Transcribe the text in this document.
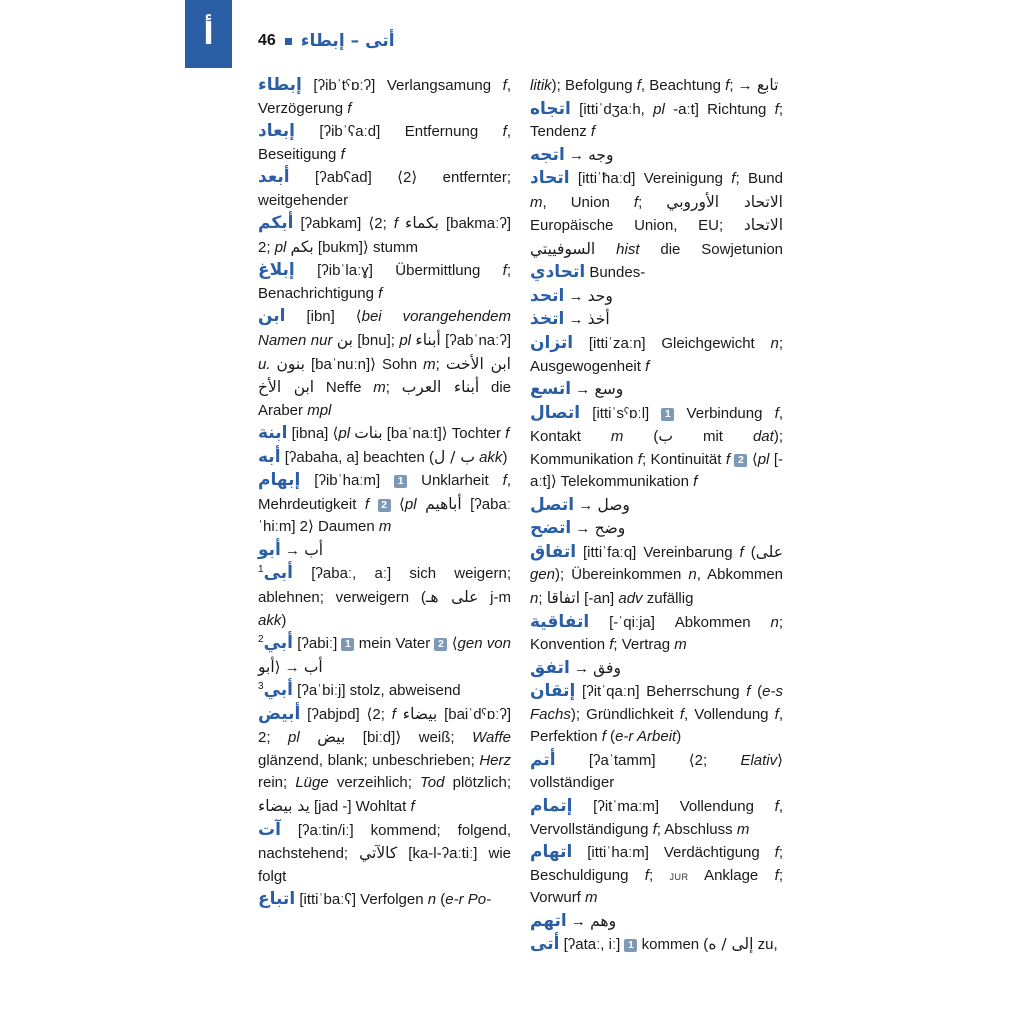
أ	46 إبطاء – أتى

إبطاء [ʔibˈtˤɒːʔ] Verlangsamung f, Verzögerung f

إبعاد [ʔibˈʕaːd] Entfernung f, Beseitigung f

أبعد [ʔabʕad] ⟨2⟩ entfernter; weitgehender

أبكم [ʔabkam] ⟨2; f بكماء [bakmaːʔ] 2; pl بكم [bukm]⟩ stumm

إبلاغ [ʔibˈlaːɣ] Übermittlung f; Benachrichtigung f

ابن [ibn] ⟨bei vorangehendem Namen nur بن [bnu]; pl أبناء [ʔabˈnaːʔ] u. بنون [baˈnuːn]⟩ Sohn m; ابن الأخت ابن الأخ Neffe m; أبناء العرب die Araber mpl

ابنة [ibna] ⟨pl بنات [baˈnaːt]⟩ Tochter f

أبه [ʔabaha, a] beachten (ب / ل akk)

إبهام [ʔibˈhaːm] 1 Unklarheit f, Mehrdeutigkeit f 2 ⟨pl أباهيم [ʔabaːˈhiːm] 2⟩ Daumen m

أبو → أب

$^1$أبى [ʔabaː, aː] sich weigern; ablehnen; verweigern (على هـ j-m akk)

$^2$أبي [ʔabiː] 1 mein Vater 2 ⟨gen von أبو⟩ → أب

$^3$أبي [ʔaˈbiːj] stolz, abweisend

أبيض [ʔabjɒd] ⟨2; f بيضاء [baiˈdˤɒːʔ] 2; pl بيض [biːd]⟩ weiß; Waffe glänzend, blank; unbeschrieben; Herz rein; Lüge verzeihlich; Tod plötzlich; يد بيضاء [jad -] Wohltat f

آت [ʔaːtin/iː] kommend; folgend, nachstehend; كالآتي [ka-l-ʔaːtiː] wie folgt

اتباع [ittiˈbaːʕ] Verfolgen n (e-r Po-

litik); Befolgung f, Beachtung f; → تابع

اتجاه [ittiˈdʒaːh, pl -aːt] Richtung f; Tendenz f

اتجه → وجه

اتحاد [ittiˈħaːd] Vereinigung f; Bund m, Union f; الاتحاد الأوروبي Europäische Union, EU; الاتحاد السوفييتي hist die Sowjetunion اتحادي Bundes-

اتحد → وحد

اتخذ → أخذ

اتزان [ittiˈzaːn] Gleichgewicht n; Ausgewogenheit f

اتسع → وسع

اتصال [ittiˈsˤɒːl] 1 Verbindung f, Kontakt m (ب mit dat); Kommunikation f; Kontinuität f 2 ⟨pl [-aːt]⟩ Telekommunikation f

اتصل → وصل

اتضح → وضح

اتفاق [ittiˈfaːq] Vereinbarung f (على gen); Übereinkommen n, Abkommen n; اتفاقا [-an] adv zufällig

اتفاقية [-ˈqiːja] Abkommen n; Konvention f; Vertrag m

اتفق → وفق

إتقان [ʔitˈqaːn] Beherrschung f (e-s Fachs); Gründlichkeit f, Vollendung f, Perfektion f (e-r Arbeit)

أتم [ʔaˈtamm] ⟨2; Elativ⟩ vollständiger

إتمام [ʔitˈmaːm] Vollendung f, Vervollständigung f; Abschluss m

اتهام [ittiˈhaːm] Verdächtigung f; Beschuldigung f; jur Anklage f; Vorwurf m

اتهم → وهم

أتى [ʔataː, iː] 1 kommen (إلى / ه zu,
